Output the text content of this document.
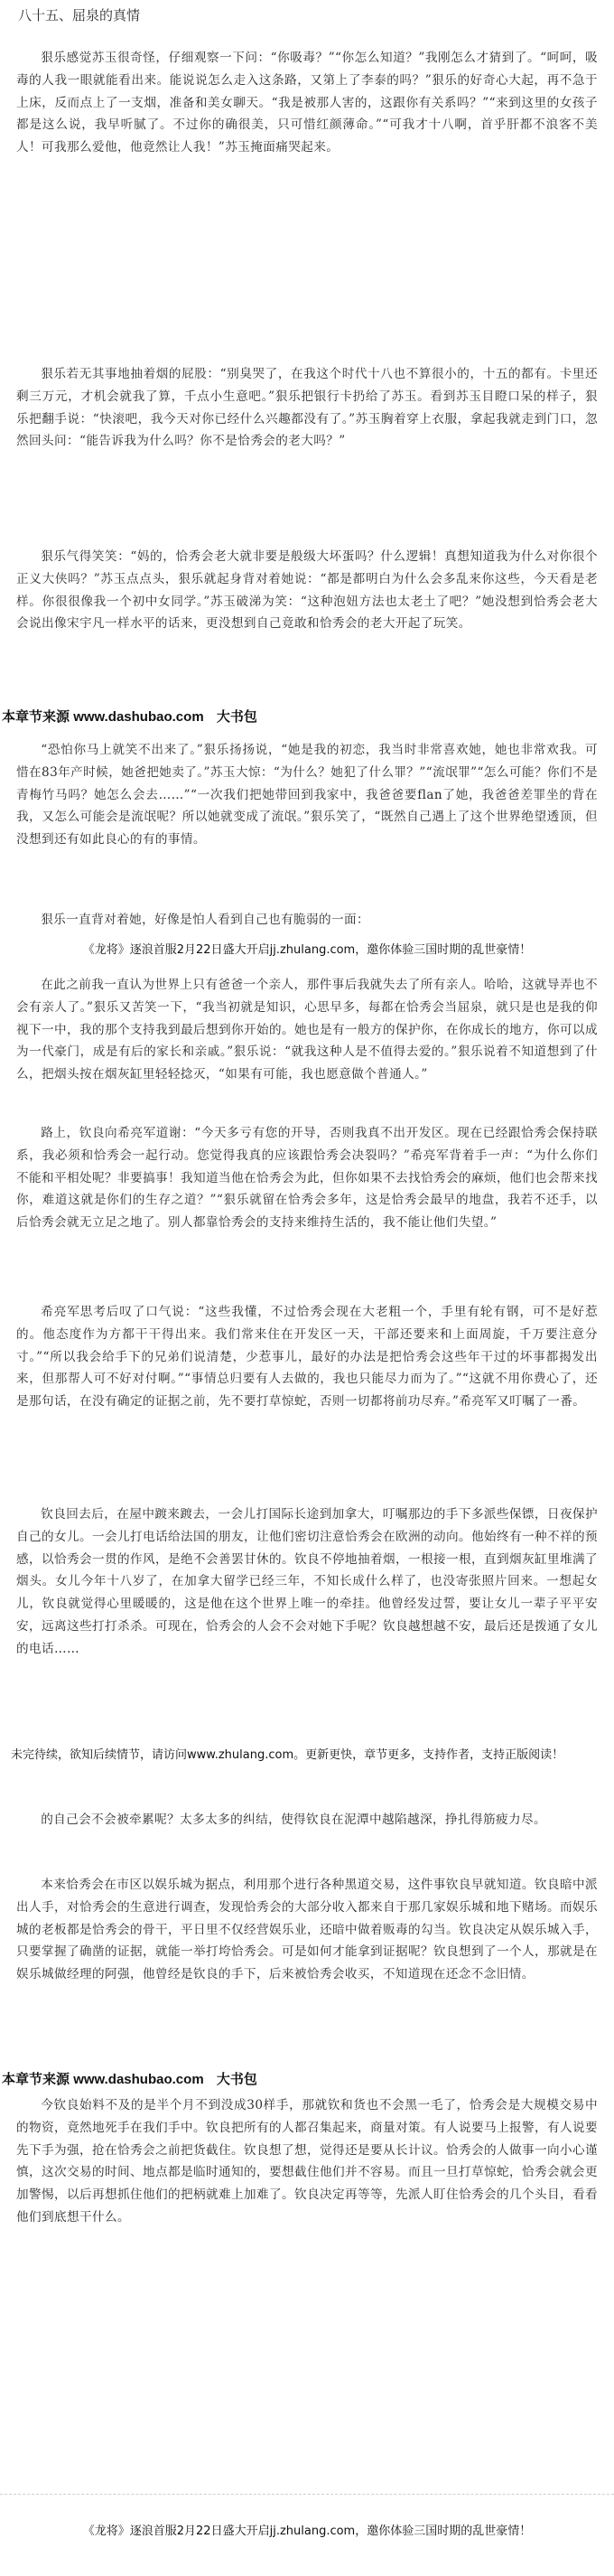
八十五、屈泉的真情

狠乐感觉苏玉很奇怪，仔细观察一下问：“你吸毒？”“你怎么知道？”我刚怎么才猜到了。“呵呵，吸毒的人我一眼就能看出来。能说说怎么走入这条路，又第上了李泰的吗？”狠乐的好奇心大起，再不急于上床，反而点上了一支烟，准备和美女聊天。“我是被那人害的，这跟你有关系吗？”“来到这里的女孩子都是这么说，我早听腻了。不过你的确很美，只可惜红颜薄命。”“可我才十八啊，首乎肝都不浪客不美人！可我那么爱他，他竟然让人我！”苏玉掩面痛哭起来。

狠乐若无其事地抽着烟的屁股：“别臭哭了，在我这个时代十八也不算很小的，十五的都有。卡里还剩三万元，才机会就我了算，千点小生意吧。”狠乐把银行卡扔给了苏玉。看到苏玉目瞪口呆的样子，狠乐把翻手说：“快滚吧，我今天对你已经什么兴趣都没有了。”苏玉胸着穿上衣服，拿起我就走到门口，忽然回头问：“能告诉我为什么吗？你不是恰秀会的老大吗？”

狠乐气得笑笑：“妈的，恰秀会老大就非要是般级大坏蛋吗？什么逻辑！真想知道我为什么对你很个正义大侠吗？”苏玉点点头，狠乐就起身背对着她说：“都是都明白为什么会多乱来你这些，今天看是老样。你很很像我一个初中女同学。”苏玉破涕为笑：“这种泡妞方法也太老土了吧？”她没想到恰秀会老大会说出像宋宇凡一样水平的话来，更没想到自己竟敢和恰秀会的老大开起了玩笑。

本章节来源 www.dashubao.com 大书包

“恐怕你马上就笑不出来了。”狠乐扬扬说，“她是我的初恋，我当时非常喜欢她，她也非常欢我。可惜在83年产时候，她爸把她卖了。”苏玉大惊：“为什么？她犯了什么罪？”“流氓罪”“怎么可能？你们不是青梅竹马吗？她怎么会去……”“一次我们把她带回到我家中，我爸爸要flan了她，我爸爸差罪坐的背在我，又怎么可能会是流氓呢？所以她就变成了流氓。”狠乐笑了，“既然自己遇上了这个世界绝望透顶，但没想到还有如此良心的有的事情。

狠乐一直背对着她，好像是怕人看到自己也有脆弱的一面：

《龙将》逐浪首服2月22日盛大开启jj.zhulang.com，邀你体验三国时期的乱世豪情！

在此之前我一直认为世界上只有爸爸一个亲人，那件事后我就失去了所有亲人。哈哈，这就导弄也不会有亲人了。”狠乐又苦笑一下，“我当初就是知识，心思早多，每都在恰秀会当屈泉，就只是也是我的仰视下一中，我的那个支持我到最后想到你开始的。她也是有一般方的保护你，在你成长的地方，你可以成为一代豪门，成是有后的家长和亲戚。”狠乐说：“就我这种人是不值得去爱的。”狠乐说着不知道想到了什么，把烟头按在烟灰缸里轻轻捻灭，“如果有可能，我也愿意做个普通人。”

路上，钦良向希亮军道谢：“今天多亏有您的开导，否则我真不出开发区。现在已经跟恰秀会保持联系，我必须和恰秀会一起行动。您觉得我真的应该跟恰秀会决裂吗？”希亮军背着手一声：“为什么你们不能和平相处呢？非要搞事！我知道当他在恰秀会为此，但你如果不去找恰秀会的麻烦，他们也会帮来找你，难道这就是你们的生存之道？”“狠乐就留在恰秀会多年，这是恰秀会最早的地盘，我若不还手，以后恰秀会就无立足之地了。别人都靠恰秀会的支持来维持生活的，我不能让他们失望。”

希亮军思考后叹了口气说：“这些我懂，不过恰秀会现在大老粗一个，手里有轮有钢，可不是好惹的。他态度作为方都干干得出来。我们常来住在开发区一天，干部还要来和上面周旋，千万要注意分寸。”“所以我会给手下的兄弟们说清楚，少惹事儿，最好的办法是把恰秀会这些年干过的坏事都揭发出来，但那帮人可不好对付啊。”“事情总归要有人去做的，我也只能尽力而为了。”“这就不用你费心了，还是那句话，在没有确定的证据之前，先不要打草惊蛇，否则一切都将前功尽弃。”希亮军又叮嘱了一番。

钦良回去后，在屋中踱来踱去，一会儿打国际长途到加拿大，叮嘱那边的手下多派些保镖，日夜保护自己的女儿。一会儿打电话给法国的朋友，让他们密切注意恰秀会在欧洲的动向。他始终有一种不祥的预感，以恰秀会一贯的作风，是绝不会善罢甘休的。钦良不停地抽着烟，一根接一根，直到烟灰缸里堆满了烟头。女儿今年十八岁了，在加拿大留学已经三年，不知长成什么样了，也没寄张照片回来。一想起女儿，钦良就觉得心里暖暖的，这是他在这个世界上唯一的牵挂。他曾经发过誓，要让女儿一辈子平平安安，远离这些打打杀杀。可现在，恰秀会的人会不会对她下手呢？钦良越想越不安，最后还是拨通了女儿的电话……

未完待续，欲知后续情节，请访问www.zhulang.com。更新更快，章节更多，支持作者，支持正版阅读！

的自己会不会被牵累呢？太多太多的纠结，使得钦良在泥潭中越陷越深，挣扎得筋疲力尽。

本来恰秀会在市区以娱乐城为据点，利用那个进行各种黑道交易，这件事钦良早就知道。钦良暗中派出人手，对恰秀会的生意进行调查，发现恰秀会的大部分收入都来自于那几家娱乐城和地下赌场。而娱乐城的老板都是恰秀会的骨干，平日里不仅经营娱乐业，还暗中做着贩毒的勾当。钦良决定从娱乐城入手，只要掌握了确凿的证据，就能一举打垮恰秀会。可是如何才能拿到证据呢？钦良想到了一个人，那就是在娱乐城做经理的阿强，他曾经是钦良的手下，后来被恰秀会收买，不知道现在还念不念旧情。

本章节来源 www.dashubao.com 大书包

今钦良始料不及的是半个月不到没成30样手，那就钦和货也不会黑一毛了，恰秀会是大规模交易中的物资，竟然地死手在我们手中。钦良把所有的人都召集起来，商量对策。有人说要马上报警，有人说要先下手为强，抢在恰秀会之前把货截住。钦良想了想，觉得还是要从长计议。恰秀会的人做事一向小心谨慎，这次交易的时间、地点都是临时通知的，要想截住他们并不容易。而且一旦打草惊蛇，恰秀会就会更加警惕，以后再想抓住他们的把柄就难上加难了。钦良决定再等等，先派人盯住恰秀会的几个头目，看看他们到底想干什么。

《龙将》逐浪首服2月22日盛大开启jj.zhulang.com，邀你体验三国时期的乱世豪情！
